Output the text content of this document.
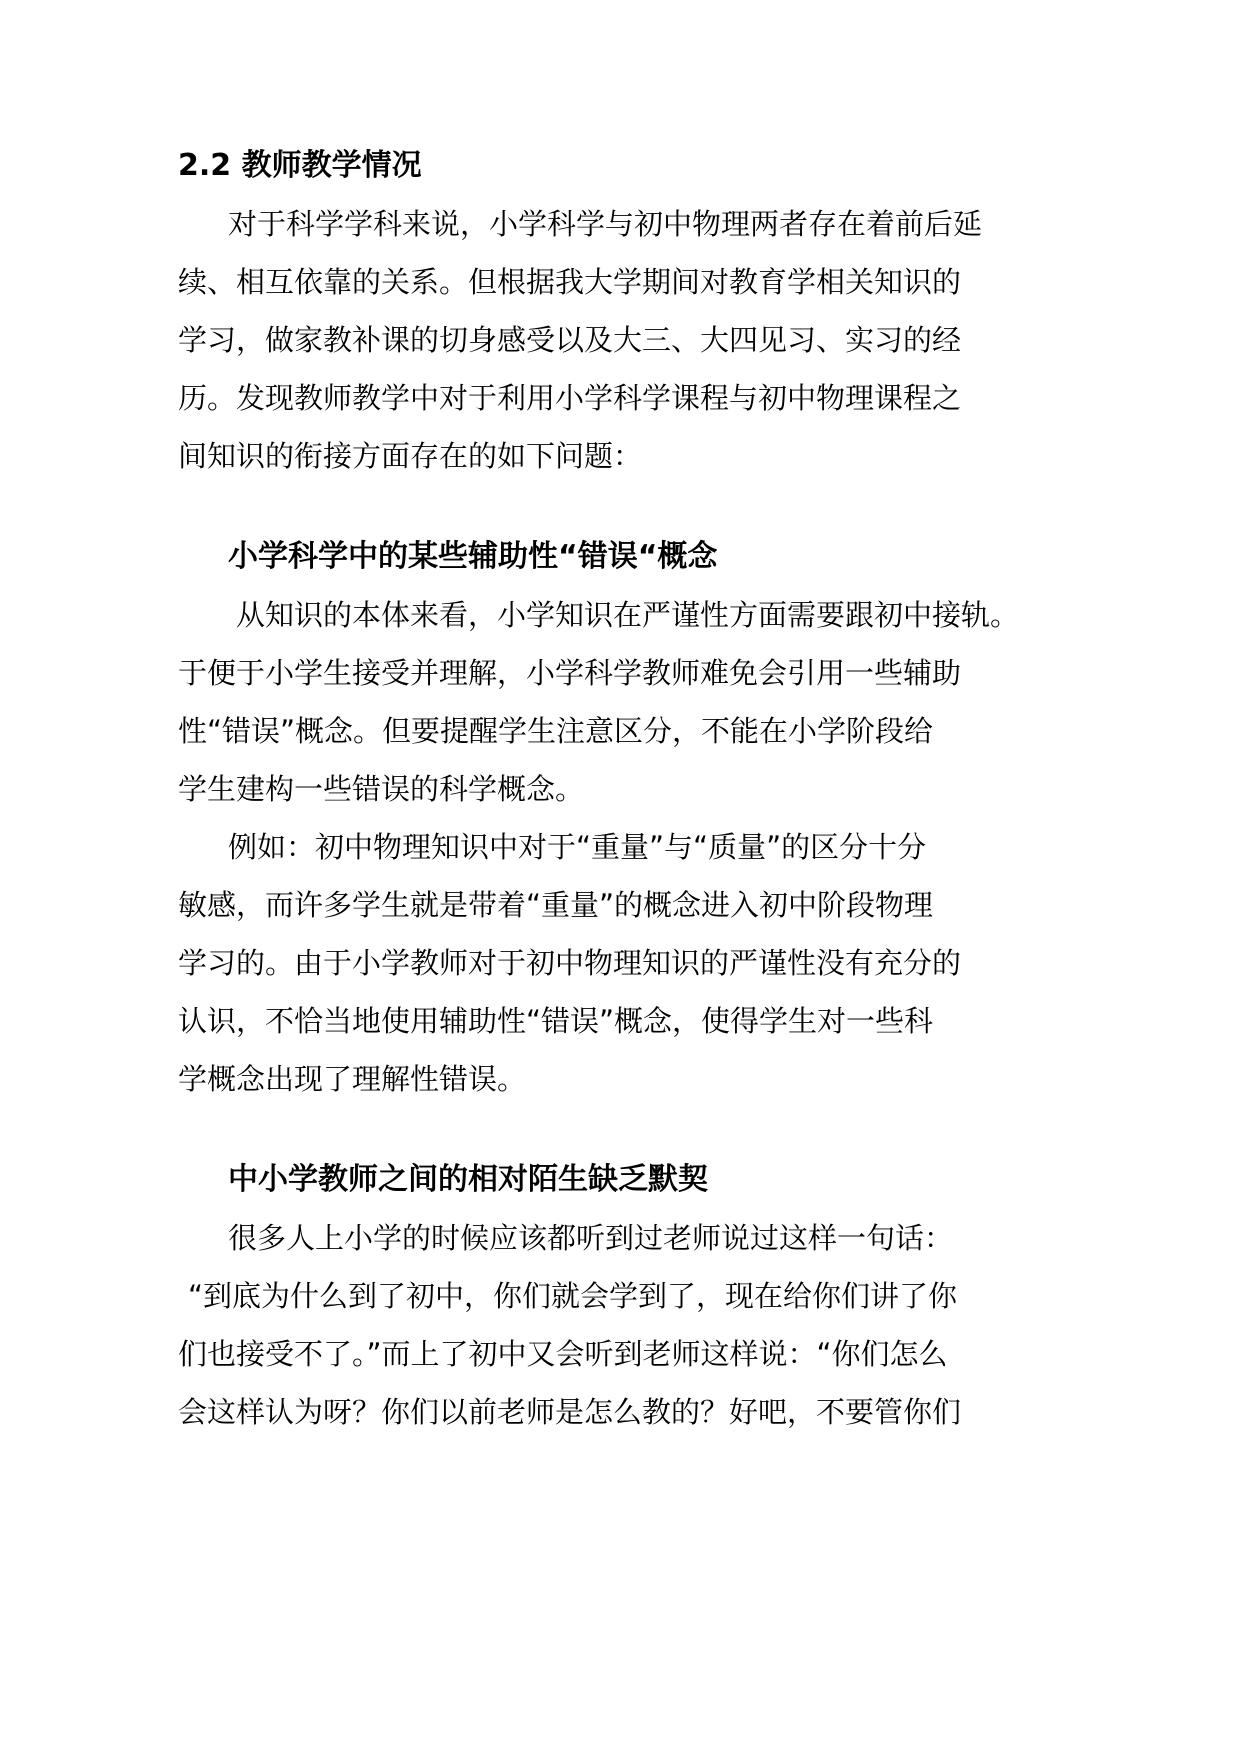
2.2 教师教学情况
对于科学学科来说，小学科学与初中物理两者存在着前后延
续、相互依靠的关系。但根据我大学期间对教育学相关知识的
学习，做家教补课的切身感受以及大三、大四见习、实习的经
历。发现教师教学中对于利用小学科学课程与初中物理课程之
间知识的衔接方面存在的如下问题：
小学科学中的某些辅助性“错误“概念
从知识的本体来看，小学知识在严谨性方面需要跟初中接轨。
于便于小学生接受并理解，小学科学教师难免会引用一些辅助
性“错误”概念。但要提醒学生注意区分，不能在小学阶段给
学生建构一些错误的科学概念。
例如：初中物理知识中对于“重量”与“质量”的区分十分
敏感，而许多学生就是带着“重量”的概念进入初中阶段物理
学习的。由于小学教师对于初中物理知识的严谨性没有充分的
认识，不恰当地使用辅助性“错误”概念，使得学生对一些科
学概念出现了理解性错误。
中小学教师之间的相对陌生缺乏默契
很多人上小学的时候应该都听到过老师说过这样一句话：
“到底为什么到了初中，你们就会学到了，现在给你们讲了你
们也接受不了。”而上了初中又会听到老师这样说：“你们怎么
会这样认为呀？你们以前老师是怎么教的？好吧，不要管你们
